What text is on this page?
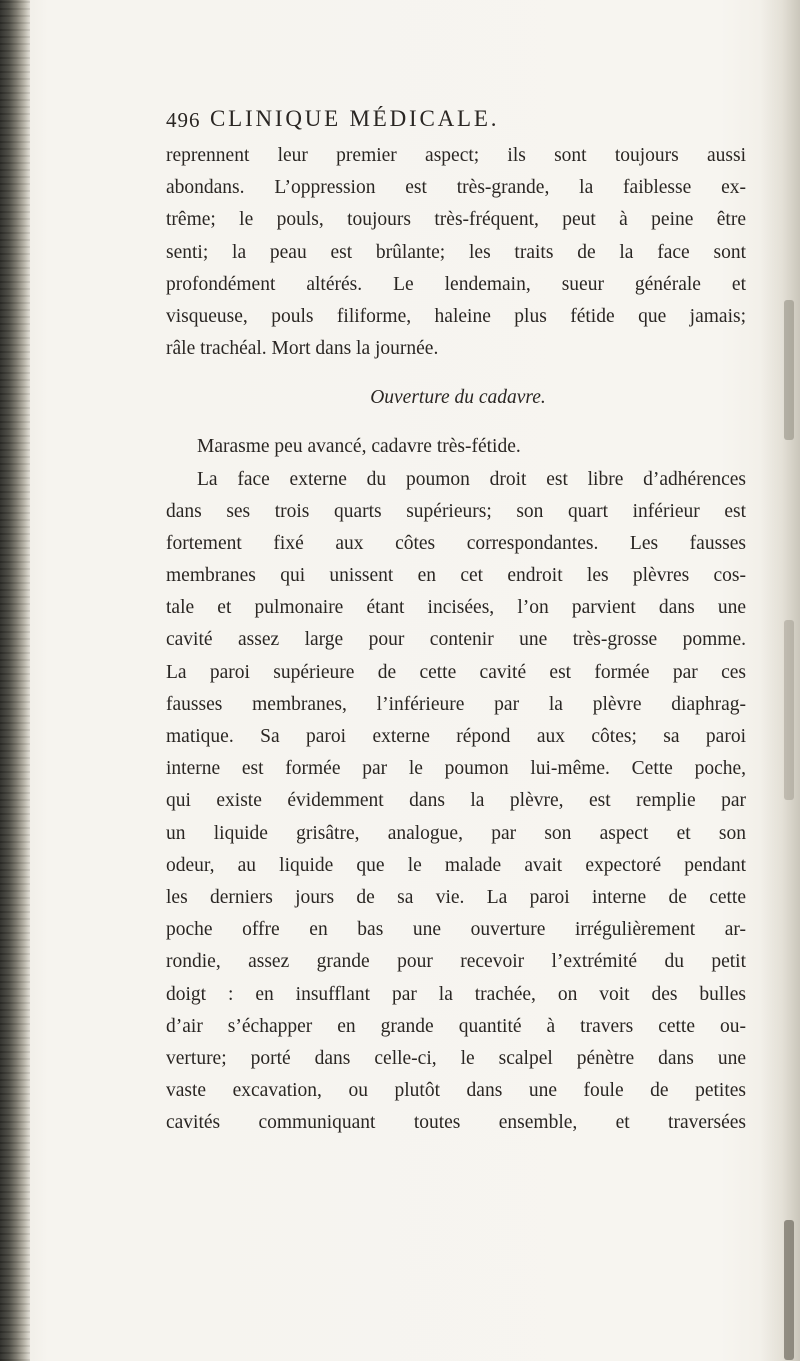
496 CLINIQUE MÉDICALE.
reprennent leur premier aspect; ils sont toujours aussi
abondans. L’oppression est très-grande, la faiblesse ex-
trême; le pouls, toujours très-fréquent, peut à peine être
senti; la peau est brûlante; les traits de la face sont
profondément altérés. Le lendemain, sueur générale et
visqueuse, pouls filiforme, haleine plus fétide que jamais;
râle trachéal. Mort dans la journée.
Ouverture du cadavre.
Marasme peu avancé, cadavre très-fétide.
La face externe du poumon droit est libre d’adhérences
dans ses trois quarts supérieurs; son quart inférieur est
fortement fixé aux côtes correspondantes. Les fausses
membranes qui unissent en cet endroit les plèvres cos-
tale et pulmonaire étant incisées, l’on parvient dans une
cavité assez large pour contenir une très-grosse pomme.
La paroi supérieure de cette cavité est formée par ces
fausses membranes, l’inférieure par la plèvre diaphrag-
matique. Sa paroi externe répond aux côtes; sa paroi
interne est formée par le poumon lui-même. Cette poche,
qui existe évidemment dans la plèvre, est remplie par
un liquide grisâtre, analogue, par son aspect et son
odeur, au liquide que le malade avait expectoré pendant
les derniers jours de sa vie. La paroi interne de cette
poche offre en bas une ouverture irrégulièrement ar-
rondie, assez grande pour recevoir l’extrémité du petit
doigt : en insufflant par la trachée, on voit des bulles
d’air s’échapper en grande quantité à travers cette ou-
verture; porté dans celle-ci, le scalpel pénètre dans une
vaste excavation, ou plutôt dans une foule de petites
cavités communiquant toutes ensemble, et traversées
